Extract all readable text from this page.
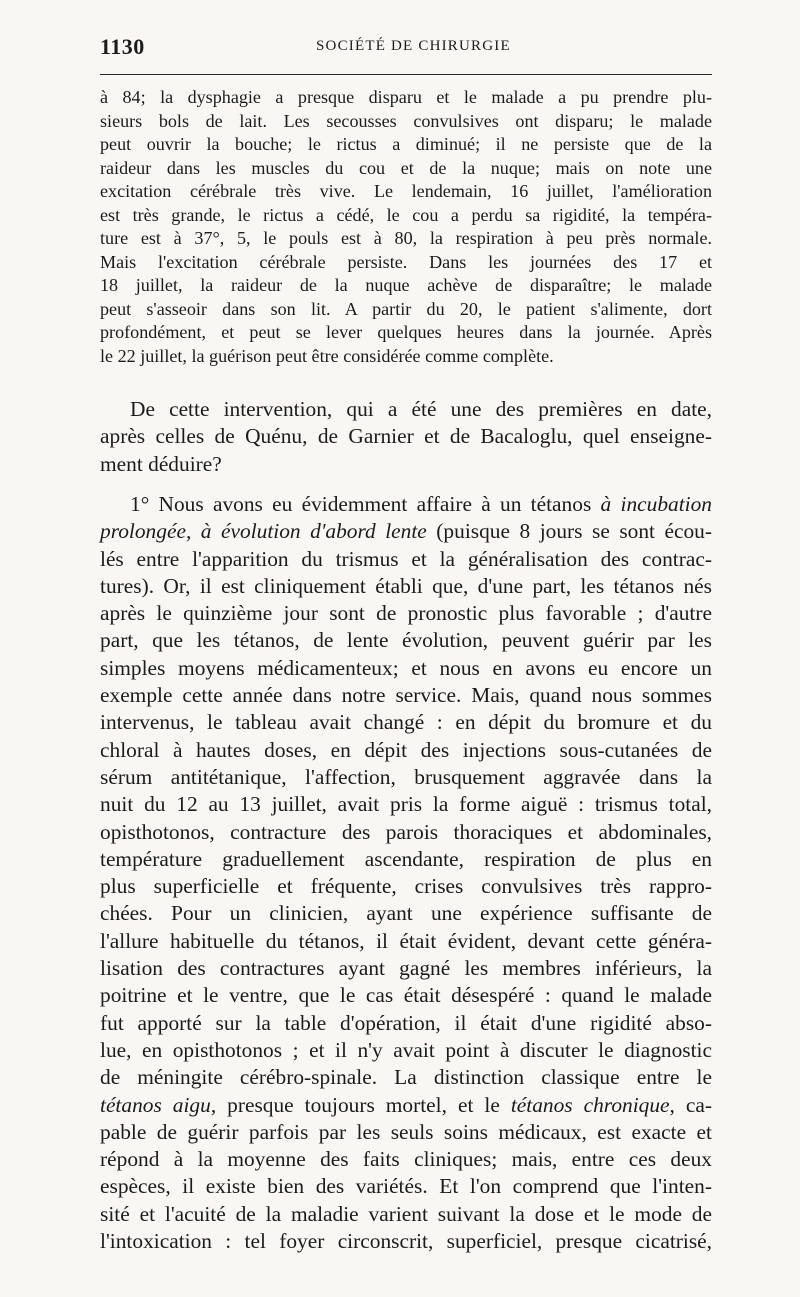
1130	SOCIÉTÉ DE CHIRURGIE
à 84; la dysphagie a presque disparu et le malade a pu prendre plu-
sieurs bols de lait. Les secousses convulsives ont disparu; le malade
peut ouvrir la bouche; le rictus a diminué; il ne persiste que de la
raideur dans les muscles du cou et de la nuque; mais on note une
excitation cérébrale très vive. Le lendemain, 16 juillet, l'amélioration
est très grande, le rictus a cédé, le cou a perdu sa rigidité, la tempéra-
ture est à 37°, 5, le pouls est à 80, la respiration à peu près normale.
Mais l'excitation cérébrale persiste. Dans les journées des 17 et
18 juillet, la raideur de la nuque achève de disparaître; le malade
peut s'asseoir dans son lit. A partir du 20, le patient s'alimente, dort
profondément, et peut se lever quelques heures dans la journée. Après
le 22 juillet, la guérison peut être considérée comme complète.
De cette intervention, qui a été une des premières en date,
après celles de Quénu, de Garnier et de Bacaloglu, quel enseigne-
ment déduire?
1° Nous avons eu évidemment affaire à un tétanos à incubation
prolongée, à évolution d'abord lente (puisque 8 jours se sont écou-
lés entre l'apparition du trismus et la généralisation des contrac-
tures). Or, il est cliniquement établi que, d'une part, les tétanos nés
après le quinzième jour sont de pronostic plus favorable ; d'autre
part, que les tétanos, de lente évolution, peuvent guérir par les
simples moyens médicamenteux; et nous en avons eu encore un
exemple cette année dans notre service. Mais, quand nous sommes
intervenus, le tableau avait changé : en dépit du bromure et du
chloral à hautes doses, en dépit des injections sous-cutanées de
sérum antitétanique, l'affection, brusquement aggravée dans la
nuit du 12 au 13 juillet, avait pris la forme aiguë : trismus total,
opisthotonos, contracture des parois thoraciques et abdominales,
température graduellement ascendante, respiration de plus en
plus superficielle et fréquente, crises convulsives très rappro-
chées. Pour un clinicien, ayant une expérience suffisante de
l'allure habituelle du tétanos, il était évident, devant cette généra-
lisation des contractures ayant gagné les membres inférieurs, la
poitrine et le ventre, que le cas était désespéré : quand le malade
fut apporté sur la table d'opération, il était d'une rigidité abso-
lue, en opisthotonos ; et il n'y avait point à discuter le diagnostic
de méningite cérébro-spinale. La distinction classique entre le
tétanos aigu, presque toujours mortel, et le tétanos chronique, ca-
pable de guérir parfois par les seuls soins médicaux, est exacte et
répond à la moyenne des faits cliniques; mais, entre ces deux
espèces, il existe bien des variétés. Et l'on comprend que l'inten-
sité et l'acuité de la maladie varient suivant la dose et le mode de
l'intoxication : tel foyer circonscrit, superficiel, presque cicatrisé,
